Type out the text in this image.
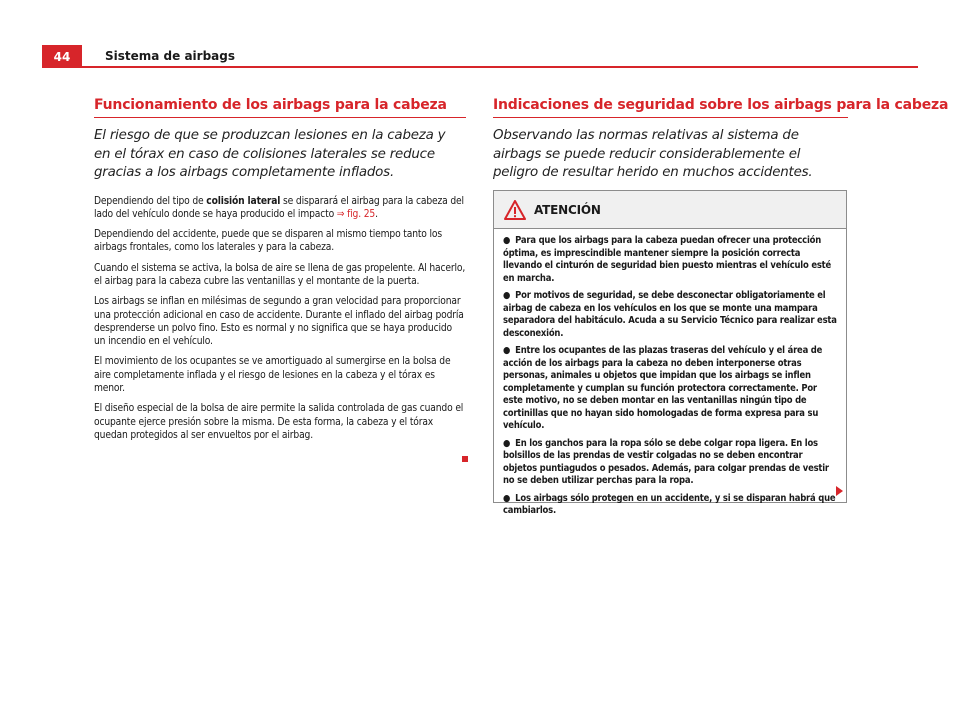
44	Sistema de airbags
Funcionamiento de los airbags para la cabeza
El riesgo de que se produzcan lesiones en la cabeza y en el tórax en caso de colisiones laterales se reduce gracias a los airbags completamente inflados.

Dependiendo del tipo de colisión lateral se disparará el airbag para la cabeza del lado del vehículo donde se haya producido el impacto ⇒ fig. 25.

Dependiendo del accidente, puede que se disparen al mismo tiempo tanto los airbags frontales, como los laterales y para la cabeza.

Cuando el sistema se activa, la bolsa de aire se llena de gas propelente. Al hacerlo, el airbag para la cabeza cubre las ventanillas y el montante de la puerta.

Los airbags se inflan en milésimas de segundo a gran velocidad para proporcionar una protección adicional en caso de accidente. Durante el inflado del airbag podría desprenderse un polvo fino. Esto es normal y no significa que se haya producido un incendio en el vehículo.

El movimiento de los ocupantes se ve amortiguado al sumergirse en la bolsa de aire completamente inflada y el riesgo de lesiones en la cabeza y el tórax es menor.

El diseño especial de la bolsa de aire permite la salida controlada de gas cuando el ocupante ejerce presión sobre la misma. De esta forma, la cabeza y el tórax quedan protegidos al ser envueltos por el airbag.

Indicaciones de seguridad sobre los airbags para la cabeza
Observando las normas relativas al sistema de airbags se puede reducir considerablemente el peligro de resultar herido en muchos accidentes.
ATENCIÓN

● Para que los airbags para la cabeza puedan ofrecer una protección óptima, es imprescindible mantener siempre la posición correcta llevando el cinturón de seguridad bien puesto mientras el vehículo esté en marcha.

● Por motivos de seguridad, se debe desconectar obligatoriamente el airbag de cabeza en los vehículos en los que se monte una mampara separadora del habitáculo. Acuda a su Servicio Técnico para realizar esta desconexión.

● Entre los ocupantes de las plazas traseras del vehículo y el área de acción de los airbags para la cabeza no deben interponerse otras personas, animales u objetos que impidan que los airbags se inflen completamente y cumplan su función protectora correctamente. Por este motivo, no se deben montar en las ventanillas ningún tipo de cortinillas que no hayan sido homologadas de forma expresa para su vehículo.

● En los ganchos para la ropa sólo se debe colgar ropa ligera. En los bolsillos de las prendas de vestir colgadas no se deben encontrar objetos puntiagudos o pesados. Además, para colgar prendas de vestir no se deben utilizar perchas para la ropa.

● Los airbags sólo protegen en un accidente, y si se disparan habrá que cambiarlos.
